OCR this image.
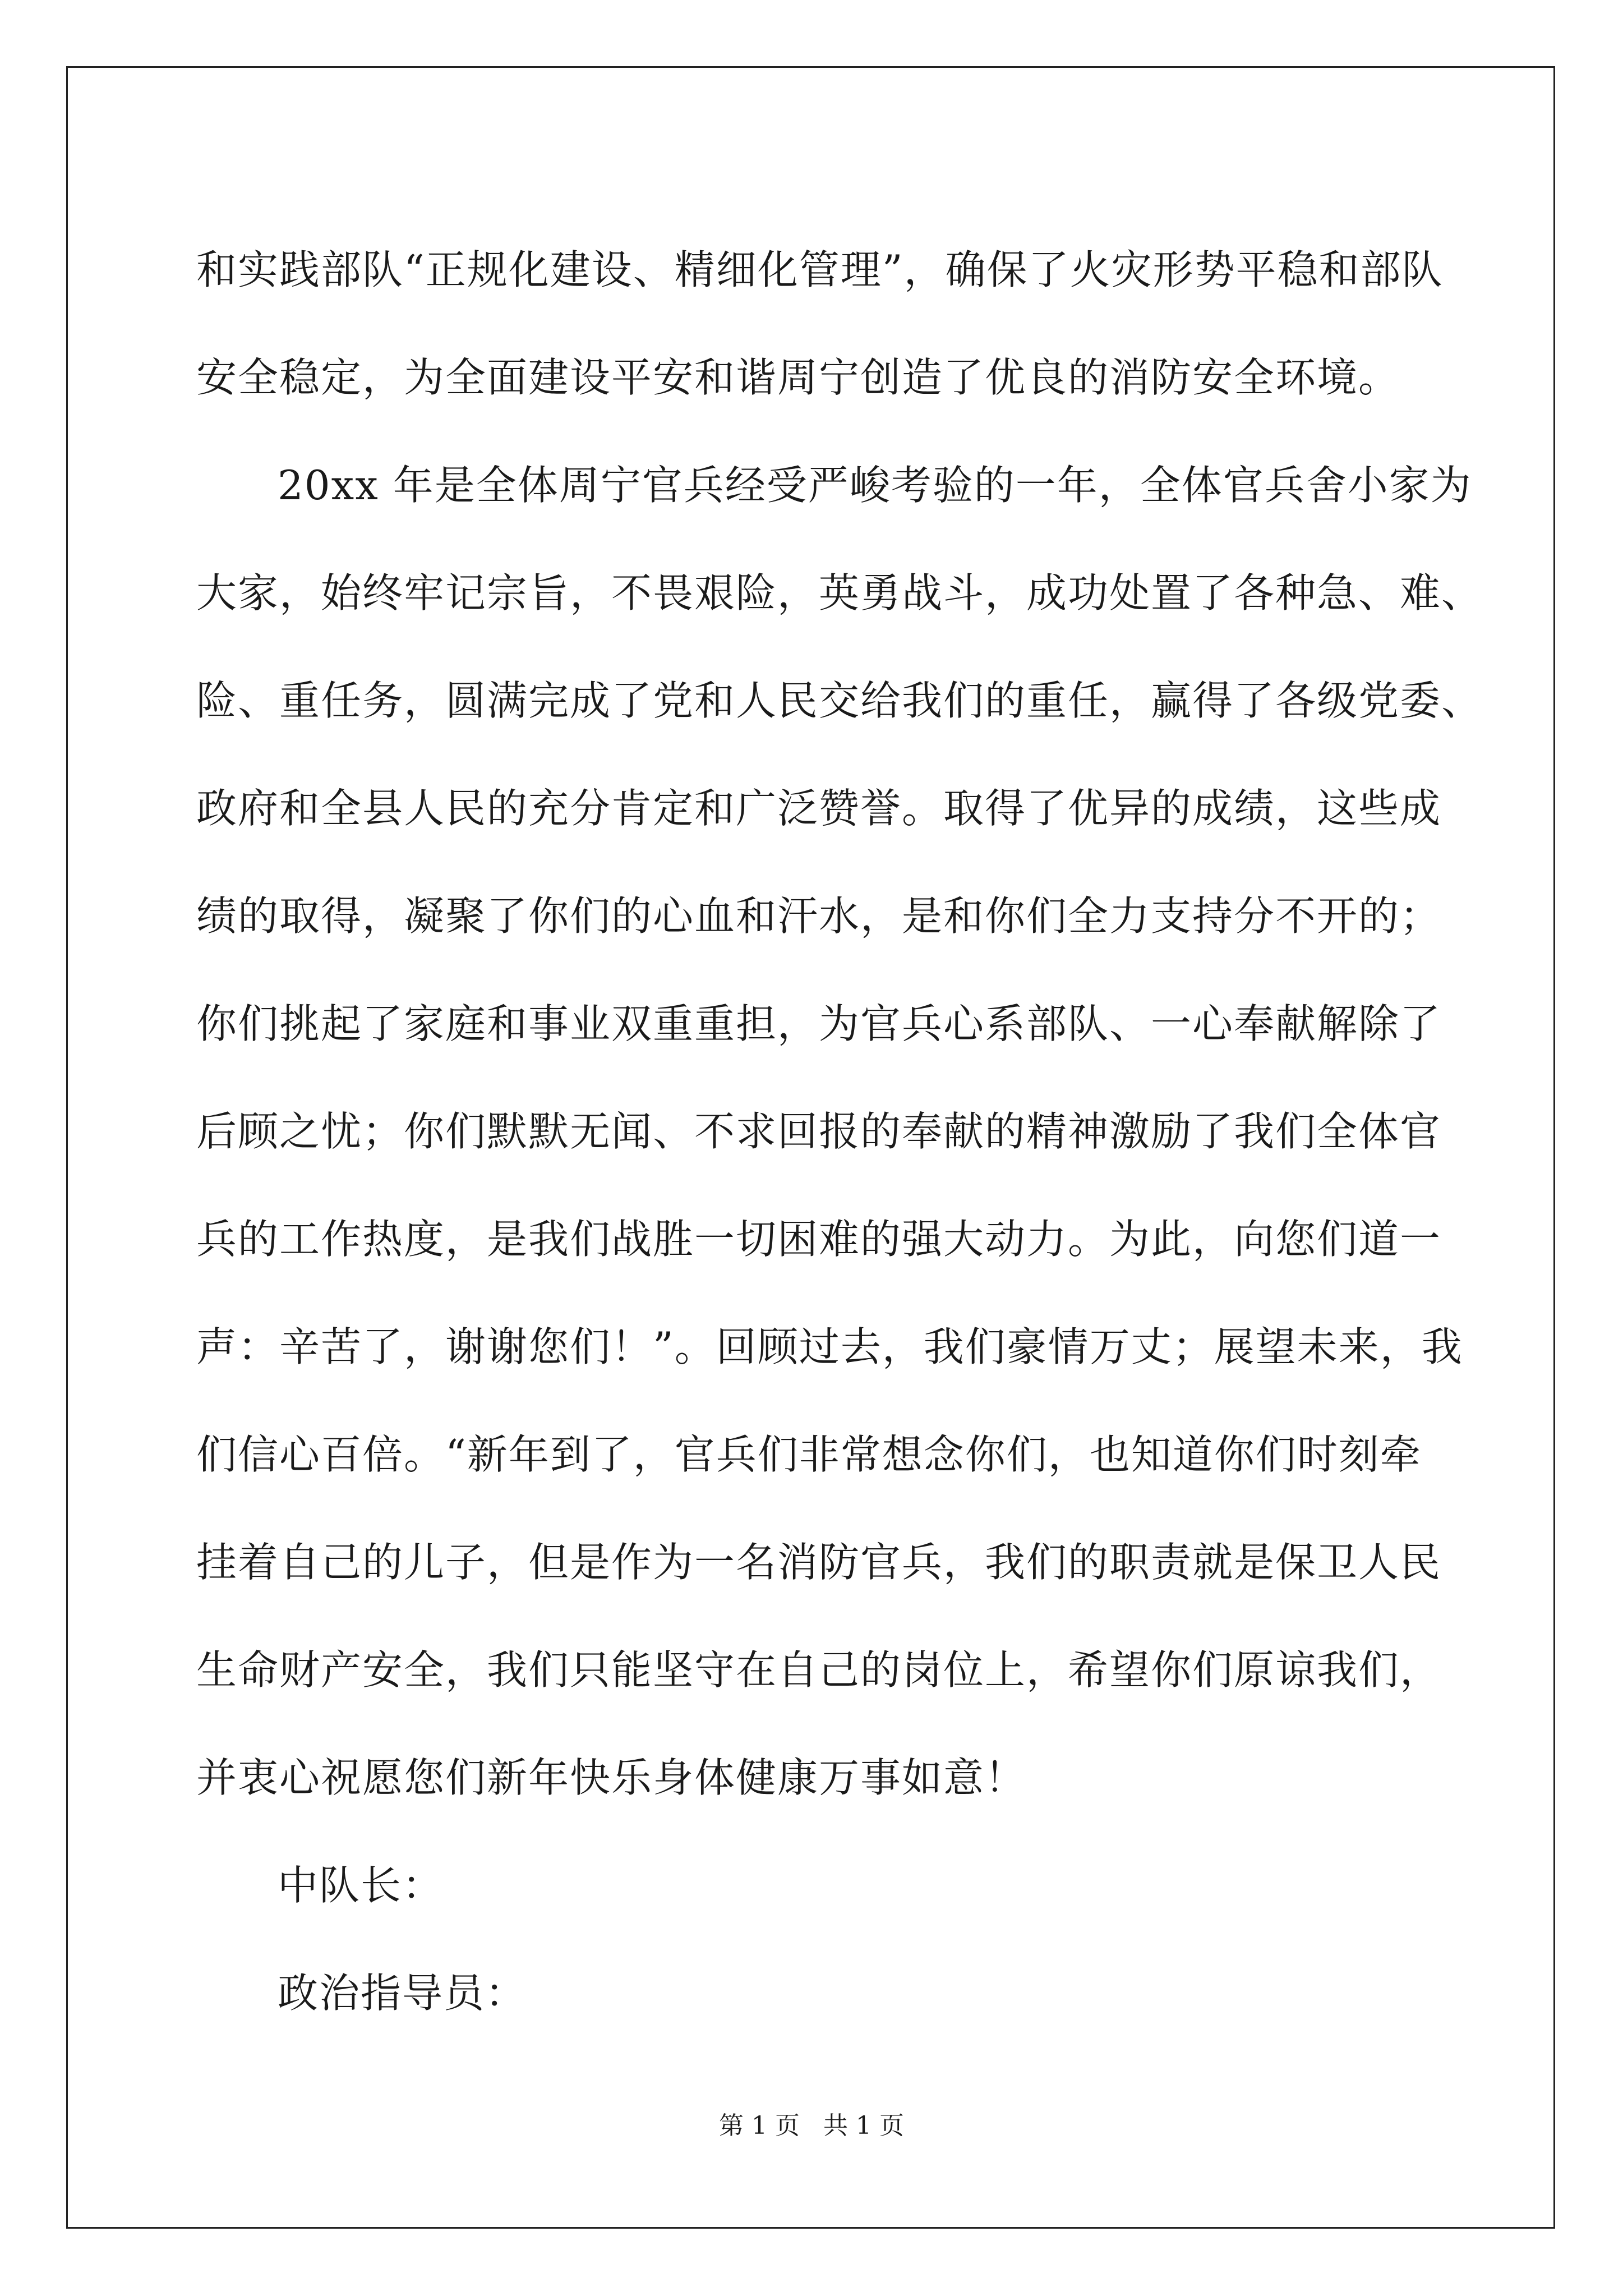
和实践部队“正规化建设、精细化管理”，确保了火灾形势平稳和部队
安全稳定，为全面建设平安和谐周宁创造了优良的消防安全环境。
20xx 年是全体周宁官兵经受严峻考验的一年，全体官兵舍小家为
大家，始终牢记宗旨，不畏艰险，英勇战斗，成功处置了各种急、难、
险、重任务，圆满完成了党和人民交给我们的重任，赢得了各级党委、
政府和全县人民的充分肯定和广泛赞誉。取得了优异的成绩，这些成
绩的取得，凝聚了你们的心血和汗水，是和你们全力支持分不开的；
你们挑起了家庭和事业双重重担，为官兵心系部队、一心奉献解除了
后顾之忧；你们默默无闻、不求回报的奉献的精神激励了我们全体官
兵的工作热度，是我们战胜一切困难的强大动力。为此，向您们道一
声：辛苦了，谢谢您们！”。回顾过去，我们豪情万丈；展望未来，我
们信心百倍。“新年到了，官兵们非常想念你们，也知道你们时刻牵
挂着自己的儿子，但是作为一名消防官兵，我们的职责就是保卫人民
生命财产安全，我们只能坚守在自己的岗位上，希望你们原谅我们，
并衷心祝愿您们新年快乐身体健康万事如意！
中队长：
政治指导员：
第 1 页   共 1 页
